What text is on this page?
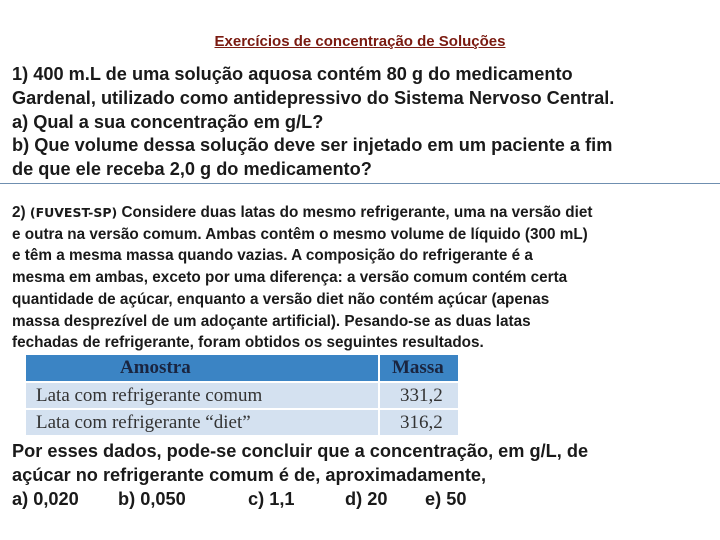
Exercícios de concentração de Soluções
1) 400 m.L de uma solução aquosa contém 80 g do medicamento
Gardenal, utilizado como antidepressivo do Sistema Nervoso Central.
a) Qual a sua concentração em g/L?
b) Que volume dessa solução deve ser injetado em um paciente a fim
de que ele receba 2,0 g do medicamento?
2) (FUVEST-SP) Considere duas latas do mesmo refrigerante, uma na versão diet
e outra na versão comum. Ambas contêm o mesmo volume de líquido (300 mL)
e têm a mesma massa quando vazias. A composição do refrigerante é a
mesma em ambas, exceto por uma diferença: a versão comum contém certa
quantidade de açúcar, enquanto a versão diet não contém açúcar (apenas
massa desprezível de um adoçante artificial). Pesando-se as duas latas
fechadas de refrigerante, foram obtidos os seguintes resultados.
Amostra	Massa
Lata com refrigerante comum	331,2
Lata com refrigerante “diet”	316,2
Por esses dados, pode-se concluir que a concentração, em g/L, de
açúcar no refrigerante comum é de, aproximadamente,
a) 0,020 b) 0,050	c) 1,1	d) 20 e) 50
